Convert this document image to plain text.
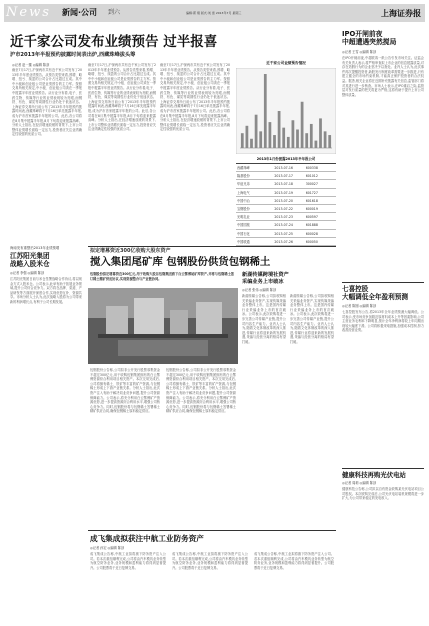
News 新闻·公司 到六	编辑:郭 翔 版式:刘 雷 2013年7月 星期三	上海证券报
近千家公司发布业绩预告 过半报喜
沪市2013年半报预约披露时间表出炉,西藏珠峰拔头筹
◎记者 赵一蕙 ◎编辑 陈剑
截至7月17日,沪深两市共有近千家公司发布了2013年半年度业绩预告。从预告类型来看,预增、略增、扭亏、续盈的公司合计占比超过五成。其中中小板和创业板公司是业绩预告的主力军。按照交易所相关规定,中小板、创业板公司须在一季报中披露半年度业绩预告。从行业分布看,电子、医药生物、传媒等行业的业绩表现较为亮眼,而钢铁、有色、煤炭等周期性行业仍处于低迷状态。上海证券交易所日前公布了2013年半年报预约披露时间表,西藏珠峰将于7月16日率先披露半年报,成为沪市首家披露半年报的公司。此后,各公司将在8月集中披露半年报,8月下旬将迎来披露高峰。分析人士指出,在经济增速放缓的背景下,上市公司整体业绩增长面临一定压力,投资者应关注业绩确定性较强的优质公司。
截至7月17日,沪深两市共有近千家公司发布了2013年半年度业绩预告。从预告类型来看,预增、略增、扭亏、续盈的公司合计占比超过五成。其中中小板和创业板公司是业绩预告的主力军。按照交易所相关规定,中小板、创业板公司须在一季报中披露半年度业绩预告。从行业分布看,电子、医药生物、传媒等行业的业绩表现较为亮眼,而钢铁、有色、煤炭等周期性行业仍处于低迷状态。上海证券交易所日前公布了2013年半年报预约披露时间表,西藏珠峰将于7月16日率先披露半年报,成为沪市首家披露半年报的公司。此后,各公司将在8月集中披露半年报,8月下旬将迎来披露高峰。分析人士指出,在经济增速放缓的背景下,上市公司整体业绩增长面临一定压力,投资者应关注业绩确定性较强的优质公司。
截至7月17日,沪深两市共有近千家公司发布了2013年半年度业绩预告。从预告类型来看,预增、略增、扭亏、续盈的公司合计占比超过五成。其中中小板和创业板公司是业绩预告的主力军。按照交易所相关规定,中小板、创业板公司须在一季报中披露半年度业绩预告。从行业分布看,电子、医药生物、传媒等行业的业绩表现较为亮眼,而钢铁、有色、煤炭等周期性行业仍处于低迷状态。上海证券交易所日前公布了2013年半年报预约披露时间表,西藏珠峰将于7月16日率先披露半年报,成为沪市首家披露半年报的公司。此后,各公司将在8月集中披露半年报,8月下旬将迎来披露高峰。分析人士指出,在经济增速放缓的背景下,上市公司整体业绩增长面临一定压力,投资者应关注业绩确定性较强的优质公司。
近千家公司业绩预告情况
2013年1月份披露2013年半年报公司
西藏珠峰	2013-07-16	600338
隆基股份	2013-07-17	601012
华谊兄弟	2013-07-18	300027
上海电气	2013-07-19	601727
中国中冶	2013-07-20	601618
宝钢股份	2013-07-22	600019
光明乳业	2013-07-23	600597
中国国旅	2013-07-24	601888
中国石化	2013-07-25	600028
中国联通	2013-07-26	600050
IPO开闸前夜
中超遭遇突然搅局
◎记者 王雪 ◎编辑 陈剑
在IPO开闸前夜,中超联赛一纸公告引发市场关注。证监会有关负责人表示,将严格审查拟上市企业的信息披露质量,对存在造假行为的企业坚决予以查处。业内人士认为,此次事件再次提醒投资者,新股发行制度改革需要进一步推进,只有建立健全的市场约束机制,才能真正保护投资者的合法权益。据悉,相关企业将在近期补充披露有关信息,监管部门将对其进行进一步核查。市场人士表示,在IPO重启之际,监管层对发行质量的把关将更为严格,这将有助于提升上市公司整体质量。
海南发布重整后2013年业绩预增
江苏阳光集团
战略入股米仓
◎记者 李强 ◎编辑 陈剑
江苏阳光集团日前与米仓签署战略合作协议,将以现金方式入股米仓。公司表示,此举有助于拓展业务领域,提升公司综合竞争力。双方将在品牌、渠道、产品研发等方面展开深度合作,实现优势互补、资源共享。市场分析人士认为,此次战略入股将为公司带来新的利润增长点,有利于公司长期发展。
拟定增募资近300亿收购大股东资产
搅入集团尾矿库 包钢股份供货包钢稀土
包钢股份拟定增募资近300亿元,用于收购大股东包钢集团旗下白云鄂博尾矿库资产,并将与包钢稀土签订稀土精矿供应协议,实现资源整合与产业链协同。
包钢股份公告称,公司拟非公开发行股票募集资金不超过300亿元,用于收购包钢集团拥有的白云鄂博资源综合利用项目相关资产。本次交易完成后,公司将拥有稀土、铁矿等丰富的矿产资源,与包钢稀土形成上下游产业链关系。分析人士指出,此次资产注入有助于解决同业竞争问题,提升公司资源保障能力。公司表示,将充分利用白云鄂博矿产资源优势,进一步提高资源综合利用水平,增强公司核心竞争力。同时,包钢股份将与包钢稀土签署稀土精矿供应合同,确保包钢稀土原料稳定供应。
包钢股份公告称,公司拟非公开发行股票募集资金不超过300亿元,用于收购包钢集团拥有的白云鄂博资源综合利用项目相关资产。本次交易完成后,公司将拥有稀土、铁矿等丰富的矿产资源,与包钢稀土形成上下游产业链关系。分析人士指出,此次资产注入有助于解决同业竞争问题,提升公司资源保障能力。公司表示,将充分利用白云鄂博矿产资源优势,进一步提高资源综合利用水平,增强公司核心竞争力。同时,包钢股份将与包钢稀土签署稀土精矿供应合同,确保包钢稀土原料稳定供应。
新湖传媒跨境社资产
采编业务上市破冰
◎记者 张伟 ◎编辑 陈剑
新湖传媒公告称,公司拟收购相关采编业务资产,实现传媒采编业务整体上市。这是国内传媒行业采编业务上市的首次破冰。公司表示,此次收购将进一步完善公司传媒产业链,提升公司内容生产能力。业内人士认为,随着文化体制改革的深入推进,传媒行业将迎来新的发展机遇,采编与经营分离的格局有望打破。
新湖传媒公告称,公司拟收购相关采编业务资产,实现传媒采编业务整体上市。这是国内传媒行业采编业务上市的首次破冰。公司表示,此次收购将进一步完善公司传媒产业链,提升公司内容生产能力。业内人士认为,随着文化体制改革的深入推进,传媒行业将迎来新的发展机遇,采编与经营分离的格局有望打破。
成飞集成拟获注中航工业防务资产
◎记者 孙宏 ◎编辑 陈剑
成飞集成公告称,中航工业拟将旗下防务资产注入公司。若本次重组顺利完成,公司将由汽车模具业务转型为航空防务业务,业务规模和盈利能力将得到显著提升。公司股票将于近日复牌交易。
成飞集成公告称,中航工业拟将旗下防务资产注入公司。若本次重组顺利完成,公司将由汽车模具业务转型为航空防务业务,业务规模和盈利能力将得到显著提升。公司股票将于近日复牌交易。
成飞集成公告称,中航工业拟将旗下防务资产注入公司。若本次重组顺利完成,公司将由汽车模具业务转型为航空防务业务,业务规模和盈利能力将得到显著提升。公司股票将于近日复牌交易。
七喜控股
大幅调低全年盈利预测
◎记者 陈刚 ◎编辑 陈剑
七喜控股发布公告,将2013年全年业绩预测大幅调低。公司表示,受市场竞争加剧及原材料成本上升等因素影响,公司主营业务毛利率下降明显,预计全年净利润将较上年同期出现较大幅度下滑。公司将积极采取措施,加强成本控制,努力改善经营业绩。
健康科技再购光伏电站
◎记者 周莉 ◎编辑 陈剑
健康科技公告称,公司拟以自有资金收购某光伏电站项目公司股权。本次收购完成后,公司光伏电站装机规模将进一步扩大,为公司带来稳定的发电收入。
